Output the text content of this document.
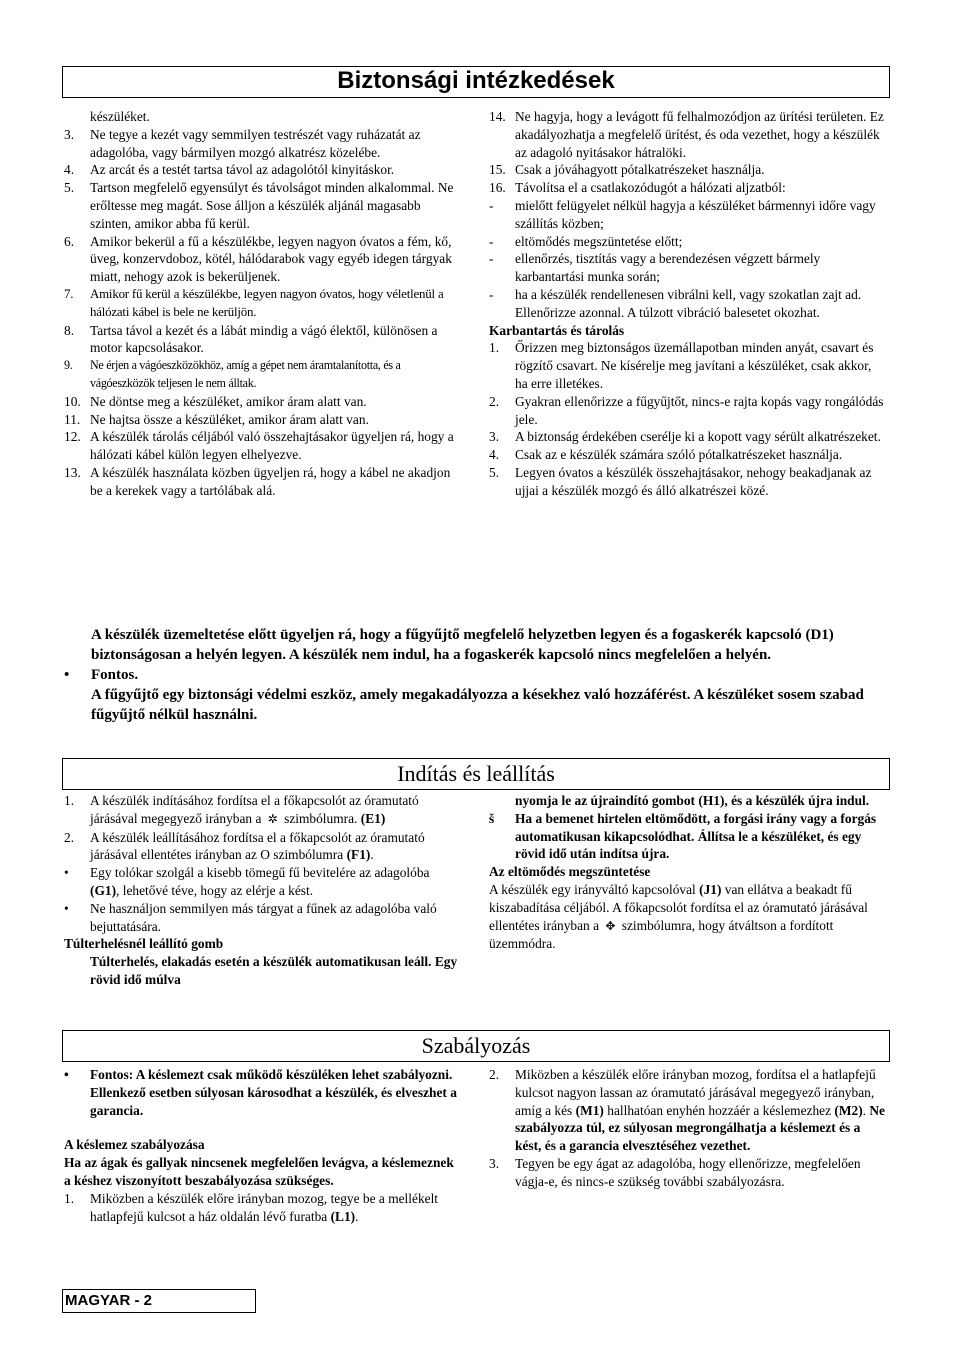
Biztonsági intézkedések
készüléket.
3. Ne tegye a kezét vagy semmilyen testrészét vagy ruházatát az adagolóba, vagy bármilyen mozgó alkatrész közelébe.
4. Az arcát és a testét tartsa távol az adagolótól kinyitáskor.
5. Tartson megfelelő egyensúlyt és távolságot minden alkalommal. Ne erőltesse meg magát. Sose álljon a készülék aljánál magasabb szinten, amikor abba fű kerül.
6. Amikor bekerül a fű a készülékbe, legyen nagyon óvatos a fém, kő, üveg, konzervdoboz, kötél, hálódarabok vagy egyéb idegen tárgyak miatt, nehogy azok is bekerüljenek.
7. Amikor fű kerül a készülékbe, legyen nagyon óvatos, hogy véletlenül a hálózati kábel is bele ne kerüljön.
8. Tartsa távol a kezét és a lábát mindig a vágó élektől, különösen a motor kapcsolásakor.
9. Ne érjen a vágóeszközökhöz, amíg a gépet nem áramtalanította, és a vágóeszközök teljesen le nem álltak.
10. Ne döntse meg a készüléket, amikor áram alatt van.
11. Ne hajtsa össze a készüléket, amikor áram alatt van.
12. A készülék tárolás céljából való összehajtásakor ügyeljen rá, hogy a hálózati kábel külön legyen elhelyezve.
13. A készülék használata közben ügyeljen rá, hogy a kábel ne akadjon be a kerekek vagy a tartólábak alá.
14. Ne hagyja, hogy a levágott fű felhalmozódjon az ürítési területen. Ez akadályozhatja a megfelelő ürítést, és oda vezethet, hogy a készülék az adagoló nyitásakor hátralöki.
15. Csak a jóváhagyott pótalkatrészeket használja.
16. Távolítsa el a csatlakozódugót a hálózati aljzatból:
- mielőtt felügyelet nélkül hagyja a készüléket bármennyi időre vagy szállítás közben;
- eltömődés megszüntetése előtt;
- ellenőrzés, tisztítás vagy a berendezésen végzett bármely karbantartási munka során;
- ha a készülék rendellenesen vibrálni kell, vagy szokatlan zajt ad. Ellenőrizze azonnal. A túlzott vibráció balesetet okozhat.
Karbantartás és tárolás
1. Őrizzen meg biztonságos üzemállapotban minden anyát, csavart és rögzítő csavart. Ne kísérelje meg javítani a készüléket, csak akkor, ha erre illetékes.
2. Gyakran ellenőrizze a fűgyűjtőt, nincs-e rajta kopás vagy rongálódás jele.
3. A biztonság érdekében cserélje ki a kopott vagy sérült alkatrészeket.
4. Csak az e készülék számára szóló pótalkatrészeket használja.
5. Legyen óvatos a készülék összehajtásakor, nehogy beakadjanak az ujjai a készülék mozgó és álló alkatrészei közé.
A készülék üzemeltetése előtt ügyeljen rá, hogy a fűgyűjtő megfelelő helyzetben legyen és a fogaskerék kapcsoló (D1) biztonságosan a helyén legyen. A készülék nem indul, ha a fogaskerék kapcsoló nincs megfelelően a helyén.
• Fontos.
A fűgyűjtő egy biztonsági védelmi eszköz, amely megakadályozza a késekhez való hozzáférést. A készüléket sosem szabad fűgyűjtő nélkül használni.
Indítás és leállítás
1. A készülék indításához fordítsa el a főkapcsolót az óramutató járásával megegyező irányban a ✲ szimbólumra. (E1)
2. A készülék leállításához fordítsa el a főkapcsolót az óramutató járásával ellentétes irányban az O szimbólumra (F1).
• Egy tolókar szolgál a kisebb tömegű fű bevitelére az adagolóba (G1), lehetővé téve, hogy az elérje a kést.
• Ne használjon semmilyen más tárgyat a fűnek az adagolóba való bejuttatására.
Túlterhelésnél leállító gomb
Túlterhelés, elakadás esetén a készülék automatikusan leáll. Egy rövid idő múlva
nyomja le az újraindító gombot (H1), és a készülék újra indul.
š Ha a bemenet hirtelen eltömődött, a forgási irány vagy a forgás automatikusan kikapcsolódhat. Állítsa le a készüléket, és egy rövid idő után indítsa újra.
Az eltömődés megszüntetése
A készülék egy irányváltó kapcsolóval (J1) van ellátva a beakadt fű kiszabadítása céljából. A főkapcsolót fordítsa el az óramutató járásával ellentétes irányban a ✥ szimbólumra, hogy átváltson a fordított üzemmódra.
Szabályozás
• Fontos: A késlemezt csak működő készüléken lehet szabályozni. Ellenkező esetben súlyosan károsodhat a készülék, és elveszhet a garancia.
A késlemez szabályozása
Ha az ágak és gallyak nincsenek megfelelően levágva, a késlemeznek a késhez viszonyított beszabályozása szükséges.
1. Miközben a készülék előre irányban mozog, tegye be a mellékelt hatlapfejű kulcsot a ház oldalán lévő furatba (L1).
2. Miközben a készülék előre irányban mozog, fordítsa el a hatlapfejű kulcsot nagyon lassan az óramutató járásával megegyező irányban, amíg a kés (M1) hallhatóan enyhén hozzáér a késlemezhez (M2). Ne szabályozza túl, ez súlyosan megrongálhatja a késlemezt és a kést, és a garancia elvesztéséhez vezethet.
3. Tegyen be egy ágat az adagolóba, hogy ellenőrizze, megfelelően vágja-e, és nincs-e szükség további szabályozásra.
MAGYAR - 2
